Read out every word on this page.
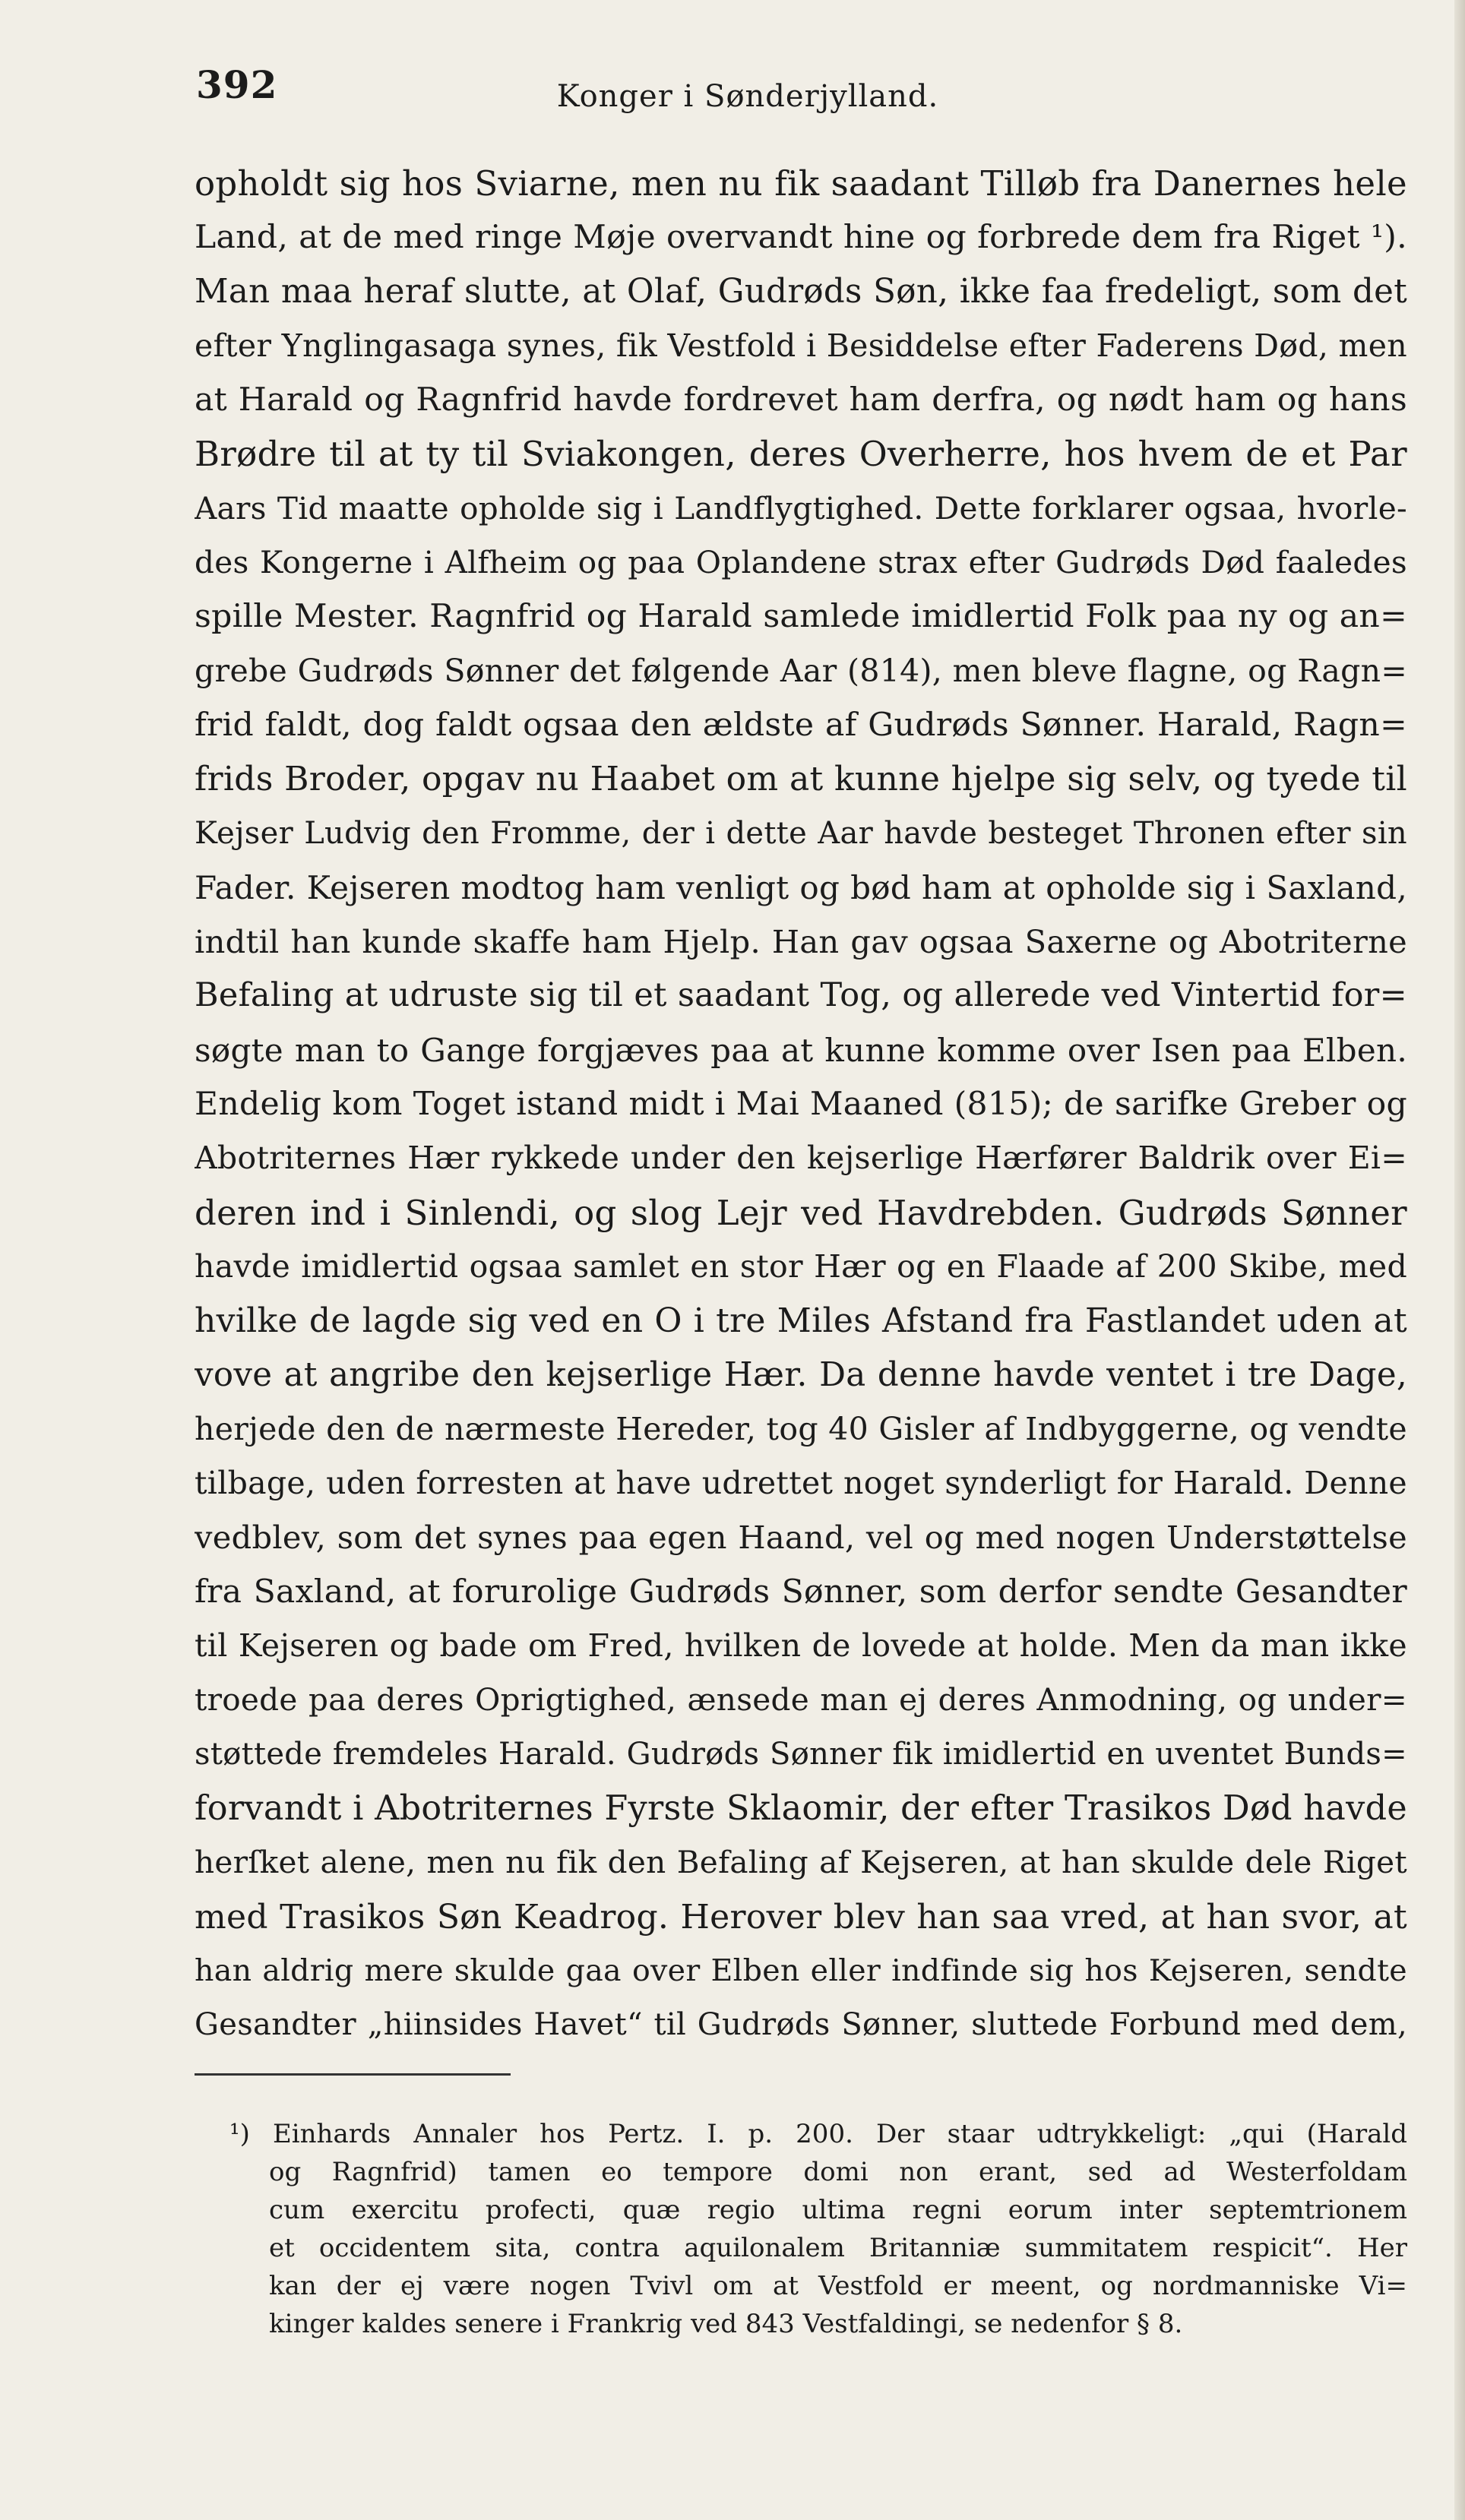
392	Konger i Sønderjylland.
opholdt sig hos Sviarne, men nu fik saadant Tilløb fra Danernes hele
Land, at de med ringe Møje overvandt hine og forbrede dem fra Riget ¹).
Man maa heraf slutte, at Olaf, Gudrøds Søn, ikke faa fredeligt, som det
efter Ynglingasaga synes, fik Vestfold i Besiddelse efter Faderens Død, men
at Harald og Ragnfrid havde fordrevet ham derfra, og nødt ham og hans
Brødre til at ty til Sviakongen, deres Overherre, hos hvem de et Par
Aars Tid maatte opholde sig i Landflygtighed. Dette forklarer ogsaa, hvorle-
des Kongerne i Alfheim og paa Oplandene strax efter Gudrøds Død faaledes
spille Mester. Ragnfrid og Harald samlede imidlertid Folk paa ny og an=
grebe Gudrøds Sønner det følgende Aar (814), men bleve flagne, og Ragn=
frid faldt, dog faldt ogsaa den ældste af Gudrøds Sønner. Harald, Ragn=
frids Broder, opgav nu Haabet om at kunne hjelpe sig selv, og tyede til
Kejser Ludvig den Fromme, der i dette Aar havde besteget Thronen efter sin
Fader. Kejseren modtog ham venligt og bød ham at opholde sig i Saxland,
indtil han kunde skaffe ham Hjelp. Han gav ogsaa Saxerne og Abotriterne
Befaling at udruste sig til et saadant Tog, og allerede ved Vintertid for=
søgte man to Gange forgjæves paa at kunne komme over Isen paa Elben.
Endelig kom Toget istand midt i Mai Maaned (815); de sarifke Greber og
Abotriternes Hær rykkede under den kejserlige Hærfører Baldrik over Ei=
deren ind i Sinlendi, og slog Lejr ved Havdrebden. Gudrøds Sønner
havde imidlertid ogsaa samlet en stor Hær og en Flaade af 200 Skibe, med
hvilke de lagde sig ved en O i tre Miles Afstand fra Fastlandet uden at
vove at angribe den kejserlige Hær. Da denne havde ventet i tre Dage,
herjede den de nærmeste Hereder, tog 40 Gisler af Indbyggerne, og vendte
tilbage, uden forresten at have udrettet noget synderligt for Harald. Denne
vedblev, som det synes paa egen Haand, vel og med nogen Understøttelse
fra Saxland, at forurolige Gudrøds Sønner, som derfor sendte Gesandter
til Kejseren og bade om Fred, hvilken de lovede at holde. Men da man ikke
troede paa deres Oprigtighed, ænsede man ej deres Anmodning, og under=
støttede fremdeles Harald. Gudrøds Sønner fik imidlertid en uventet Bunds=
forvandt i Abotriternes Fyrste Sklaomir, der efter Trasikos Død havde
herſket alene, men nu fik den Befaling af Kejseren, at han skulde dele Riget
med Trasikos Søn Keadrog. Herover blev han saa vred, at han svor, at
han aldrig mere skulde gaa over Elben eller indfinde sig hos Kejseren, sendte
Gesandter „hiinsides Havet“ til Gudrøds Sønner, sluttede Forbund med dem,
¹) Einhards Annaler hos Pertz. I. p. 200. Der staar udtrykkeligt: „qui (Harald
og Ragnfrid) tamen eo tempore domi non erant, sed ad Westerfoldam
cum exercitu profecti, quæ regio ultima regni eorum inter septemtrionem
et occidentem sita, contra aquilonalem Britanniæ summitatem respicit“. Her
kan der ej være nogen Tvivl om at Vestfold er meent, og nordmanniske Vi=
kinger kaldes senere i Frankrig ved 843 Vestfaldingi, se nedenfor § 8.
